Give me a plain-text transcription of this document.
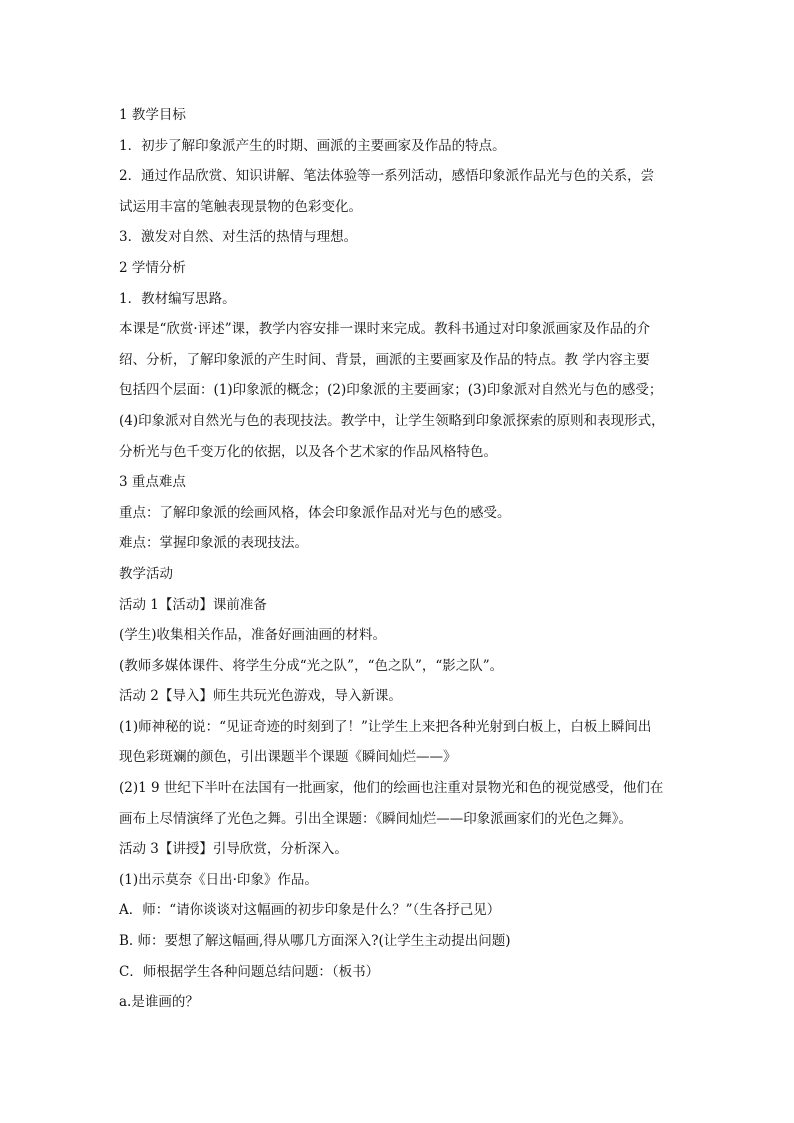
1 教学目标

1．初步了解印象派产生的时期、画派的主要画家及作品的特点。

2．通过作品欣赏、知识讲解、笔法体验等一系列活动，感悟印象派作品光与色的关系，尝

试运用丰富的笔触表现景物的色彩变化。

3．激发对自然、对生活的热情与理想。

2 学情分析

1．教材编写思路。

本课是“欣赏·评述”课，教学内容安排一课时来完成。教科书通过对印象派画家及作品的介

绍、分析，了解印象派的产生时间、背景，画派的主要画家及作品的特点。教 学内容主要

包括四个层面：(1)印象派的概念；(2)印象派的主要画家；(3)印象派对自然光与色的感受；

(4)印象派对自然光与色的表现技法。教学中，让学生领略到印象派探索的原则和表现形式，

分析光与色千变万化的依据，以及各个艺术家的作品风格特色。

3 重点难点

重点：了解印象派的绘画风格，体会印象派作品对光与色的感受。

难点：掌握印象派的表现技法。

教学活动

活动 1【活动】课前准备

(学生)收集相关作品，准备好画油画的材料。

(教师多媒体课件、将学生分成“光之队”，“色之队”，“影之队”。

活动 2【导入】师生共玩光色游戏，导入新课。

(1)师神秘的说：“见证奇迹的时刻到了！”让学生上来把各种光射到白板上，白板上瞬间出

现色彩斑斓的颜色，引出课题半个课题《瞬间灿烂——》

(2)1 9 世纪下半叶在法国有一批画家，他们的绘画也注重对景物光和色的视觉感受，他们在

画布上尽情演绎了光色之舞。引出全课题：《瞬间灿烂——印象派画家们的光色之舞》。

活动 3【讲授】引导欣赏，分析深入。

(1)出示莫奈《日出·印象》作品。

A．师：“请你谈谈对这幅画的初步印象是什么？”（生各抒己见）

B. 师：要想了解这幅画,得从哪几方面深入?(让学生主动提出问题)

C．师根据学生各种问题总结问题：（板书）

a.是谁画的？
